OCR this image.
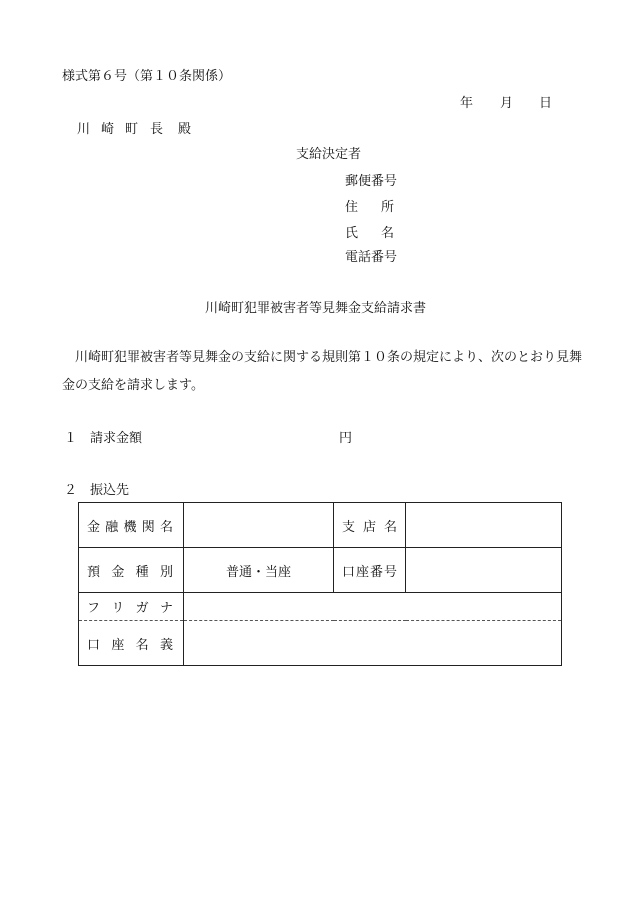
様式第６号（第１０条関係）
年 月 日
川 崎 町 長 殿
支給決定者
郵便番号
住 所
氏 名
電話番号
川崎町犯罪被害者等見舞金支給請求書

川崎町犯罪被害者等見舞金の支給に関する規則第１０条の規定により、次のとおり見舞

金の支給を請求します。

１ 請求金額	円
２ 振込先
金 融 機 関 名		支 店 名	

預 金 種 別	普通・当座	口 座 番 号	

フ リ ガ ナ			

口 座 名 義			
